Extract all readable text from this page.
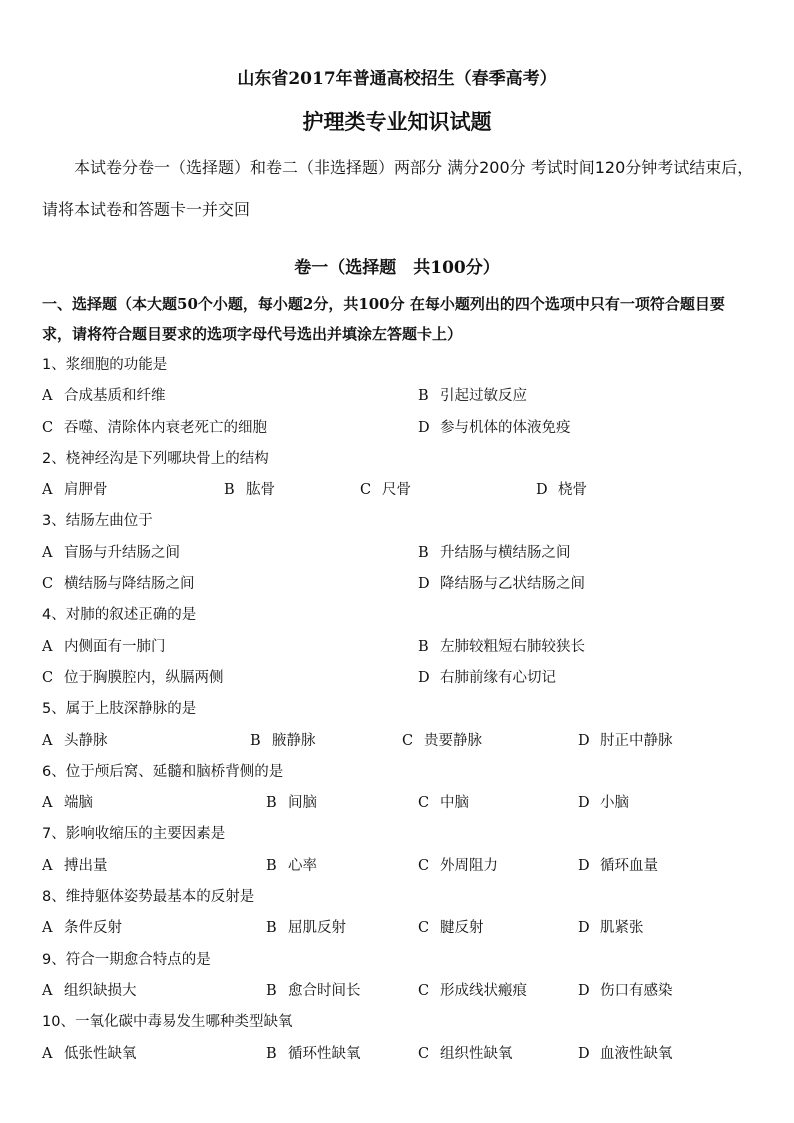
山东省2017年普通高校招生（春季高考）
护理类专业知识试题
本试卷分卷一（选择题）和卷二（非选择题）两部分 满分200分 考试时间120分钟考试结束后，请将本试卷和答题卡一并交回
卷一（选择题　共100分）
一、选择题（本大题50个小题，每小题2分，共100分 在每小题列出的四个选项中只有一项符合题目要求，请将符合题目要求的选项字母代号选出并填涂左答题卡上）
1、浆细胞的功能是
A 合成基质和纤维	B 引起过敏反应
C 吞噬、清除体内衰老死亡的细胞	D 参与机体的体液免疫
2、桡神经沟是下列哪块骨上的结构
A 肩胛骨	B 肱骨	C 尺骨	D 桡骨
3、结肠左曲位于
A 盲肠与升结肠之间	B 升结肠与横结肠之间
C 横结肠与降结肠之间	D 降结肠与乙状结肠之间
4、对肺的叙述正确的是
A 内侧面有一肺门	B 左肺较粗短右肺较狭长
C 位于胸膜腔内，纵膈两侧	D 右肺前缘有心切记
5、属于上肢深静脉的是
A 头静脉	B 腋静脉	C 贵要静脉	D 肘正中静脉
6、位于颅后窝、延髓和脑桥背侧的是
A 端脑	B 间脑	C 中脑	D 小脑
7、影响收缩压的主要因素是
A 搏出量	B 心率	C 外周阻力	D 循环血量
8、维持躯体姿势最基本的反射是
A 条件反射	B 屈肌反射	C 腱反射	D 肌紧张
9、符合一期愈合特点的是
A 组织缺损大	B 愈合时间长	C 形成线状瘢痕	D 伤口有感染
10、一氧化碳中毒易发生哪种类型缺氧
A 低张性缺氧	B 循环性缺氧	C 组织性缺氧	D 血液性缺氧
